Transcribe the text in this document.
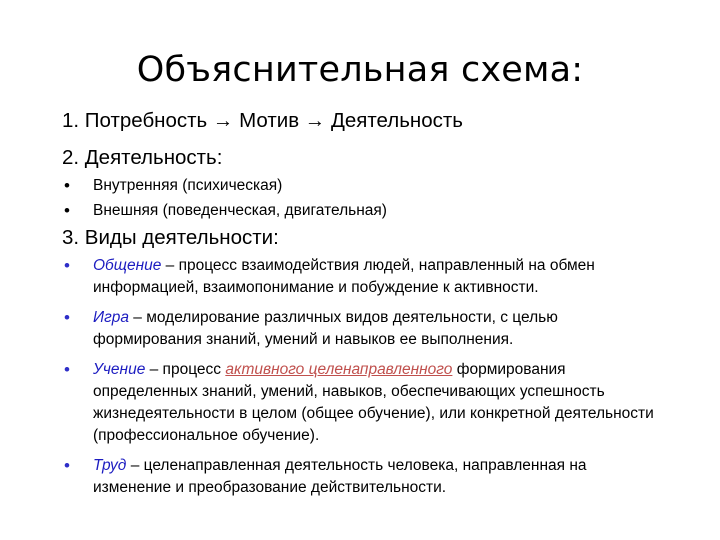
Объяснительная схема:
1. Потребность → Мотив → Деятельность
2. Деятельность:
• Внутренняя (психическая)
• Внешняя (поведенческая, двигательная)
3. Виды деятельности:
• Общение – процесс взаимодействия людей, направленный на обмен информацией, взаимопонимание и побуждение к активности.
• Игра – моделирование различных видов деятельности, с целью формирования знаний, умений и навыков ее выполнения.
• Учение – процесс активного целенаправленного формирования определенных знаний, умений, навыков, обеспечивающих успешность жизнедеятельности в целом (общее обучение), или конкретной деятельности (профессиональное обучение).
• Труд – целенаправленная деятельность человека, направленная на изменение и преобразование действительности.
